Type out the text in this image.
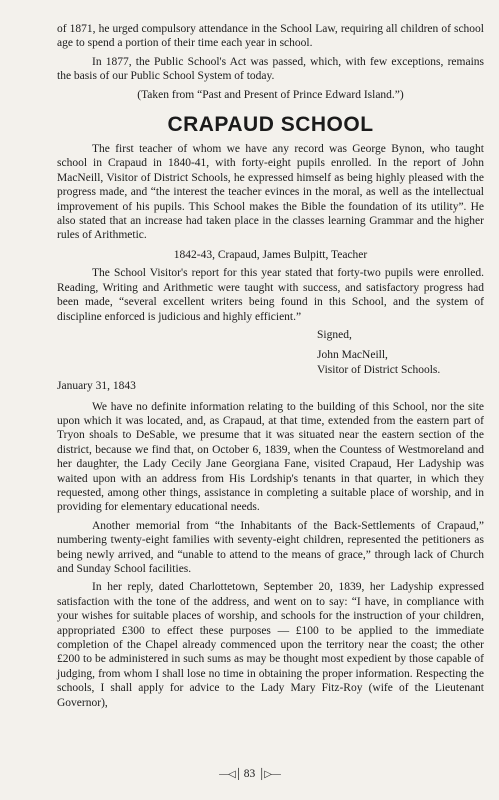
of 1871, he urged compulsory attendance in the School Law, requiring all children of school age to spend a portion of their time each year in school.

In 1877, the Public School's Act was passed, which, with few exceptions, remains the basis of our Public School System of today.

(Taken from “Past and Present of Prince Edward Island.”)

CRAPAUD SCHOOL

The first teacher of whom we have any record was George Bynon, who taught school in Crapaud in 1840-41, with forty-eight pupils enrolled. In the report of John MacNeill, Visitor of District Schools, he expressed himself as being highly pleased with the progress made, and “the interest the teacher evinces in the moral, as well as the intellectual improvement of his pupils. This School makes the Bible the foundation of its utility”. He also stated that an increase had taken place in the classes learning Grammar and the higher rules of Arithmetic.

1842-43, Crapaud, James Bulpitt, Teacher

The School Visitor's report for this year stated that forty-two pupils were enrolled. Reading, Writing and Arithmetic were taught with success, and satisfactory progress had been made, “several excellent writers being found in this School, and the system of discipline enforced is judicious and highly efficient.”

Signed,
John MacNeill,
Visitor of District Schools.
January 31, 1843

We have no definite information relating to the building of this School, nor the site upon which it was located, and, as Crapaud, at that time, extended from the eastern part of Tryon shoals to DeSable, we presume that it was situated near the eastern section of the district, because we find that, on October 6, 1839, when the Countess of Westmoreland and her daughter, the Lady Cecily Jane Georgiana Fane, visited Crapaud, Her Ladyship was waited upon with an address from His Lordship's tenants in that quarter, in which they requested, among other things, assistance in completing a suitable place of worship, and in providing for elementary educational needs.

Another memorial from “the Inhabitants of the Back-Settlements of Crapaud,” numbering twenty-eight families with seventy-eight children, represented the petitioners as being newly arrived, and “unable to attend to the means of grace,” through lack of Church and Sunday School facilities.

In her reply, dated Charlottetown, September 20, 1839, her Ladyship expressed satisfaction with the tone of the address, and went on to say: “I have, in compliance with your wishes for suitable places of worship, and schools for the instruction of your children, appropriated £300 to effect these purposes — £100 to be applied to the immediate completion of the Chapel already commenced upon the territory near the coast; the other £200 to be administered in such sums as may be thought most expedient by those capable of judging, from whom I shall lose no time in obtaining the proper information. Respecting the schools, I shall apply for advice to the Lady Mary Fitz-Roy (wife of the Lieutenant Governor),

—◁│ 83 │▷—
